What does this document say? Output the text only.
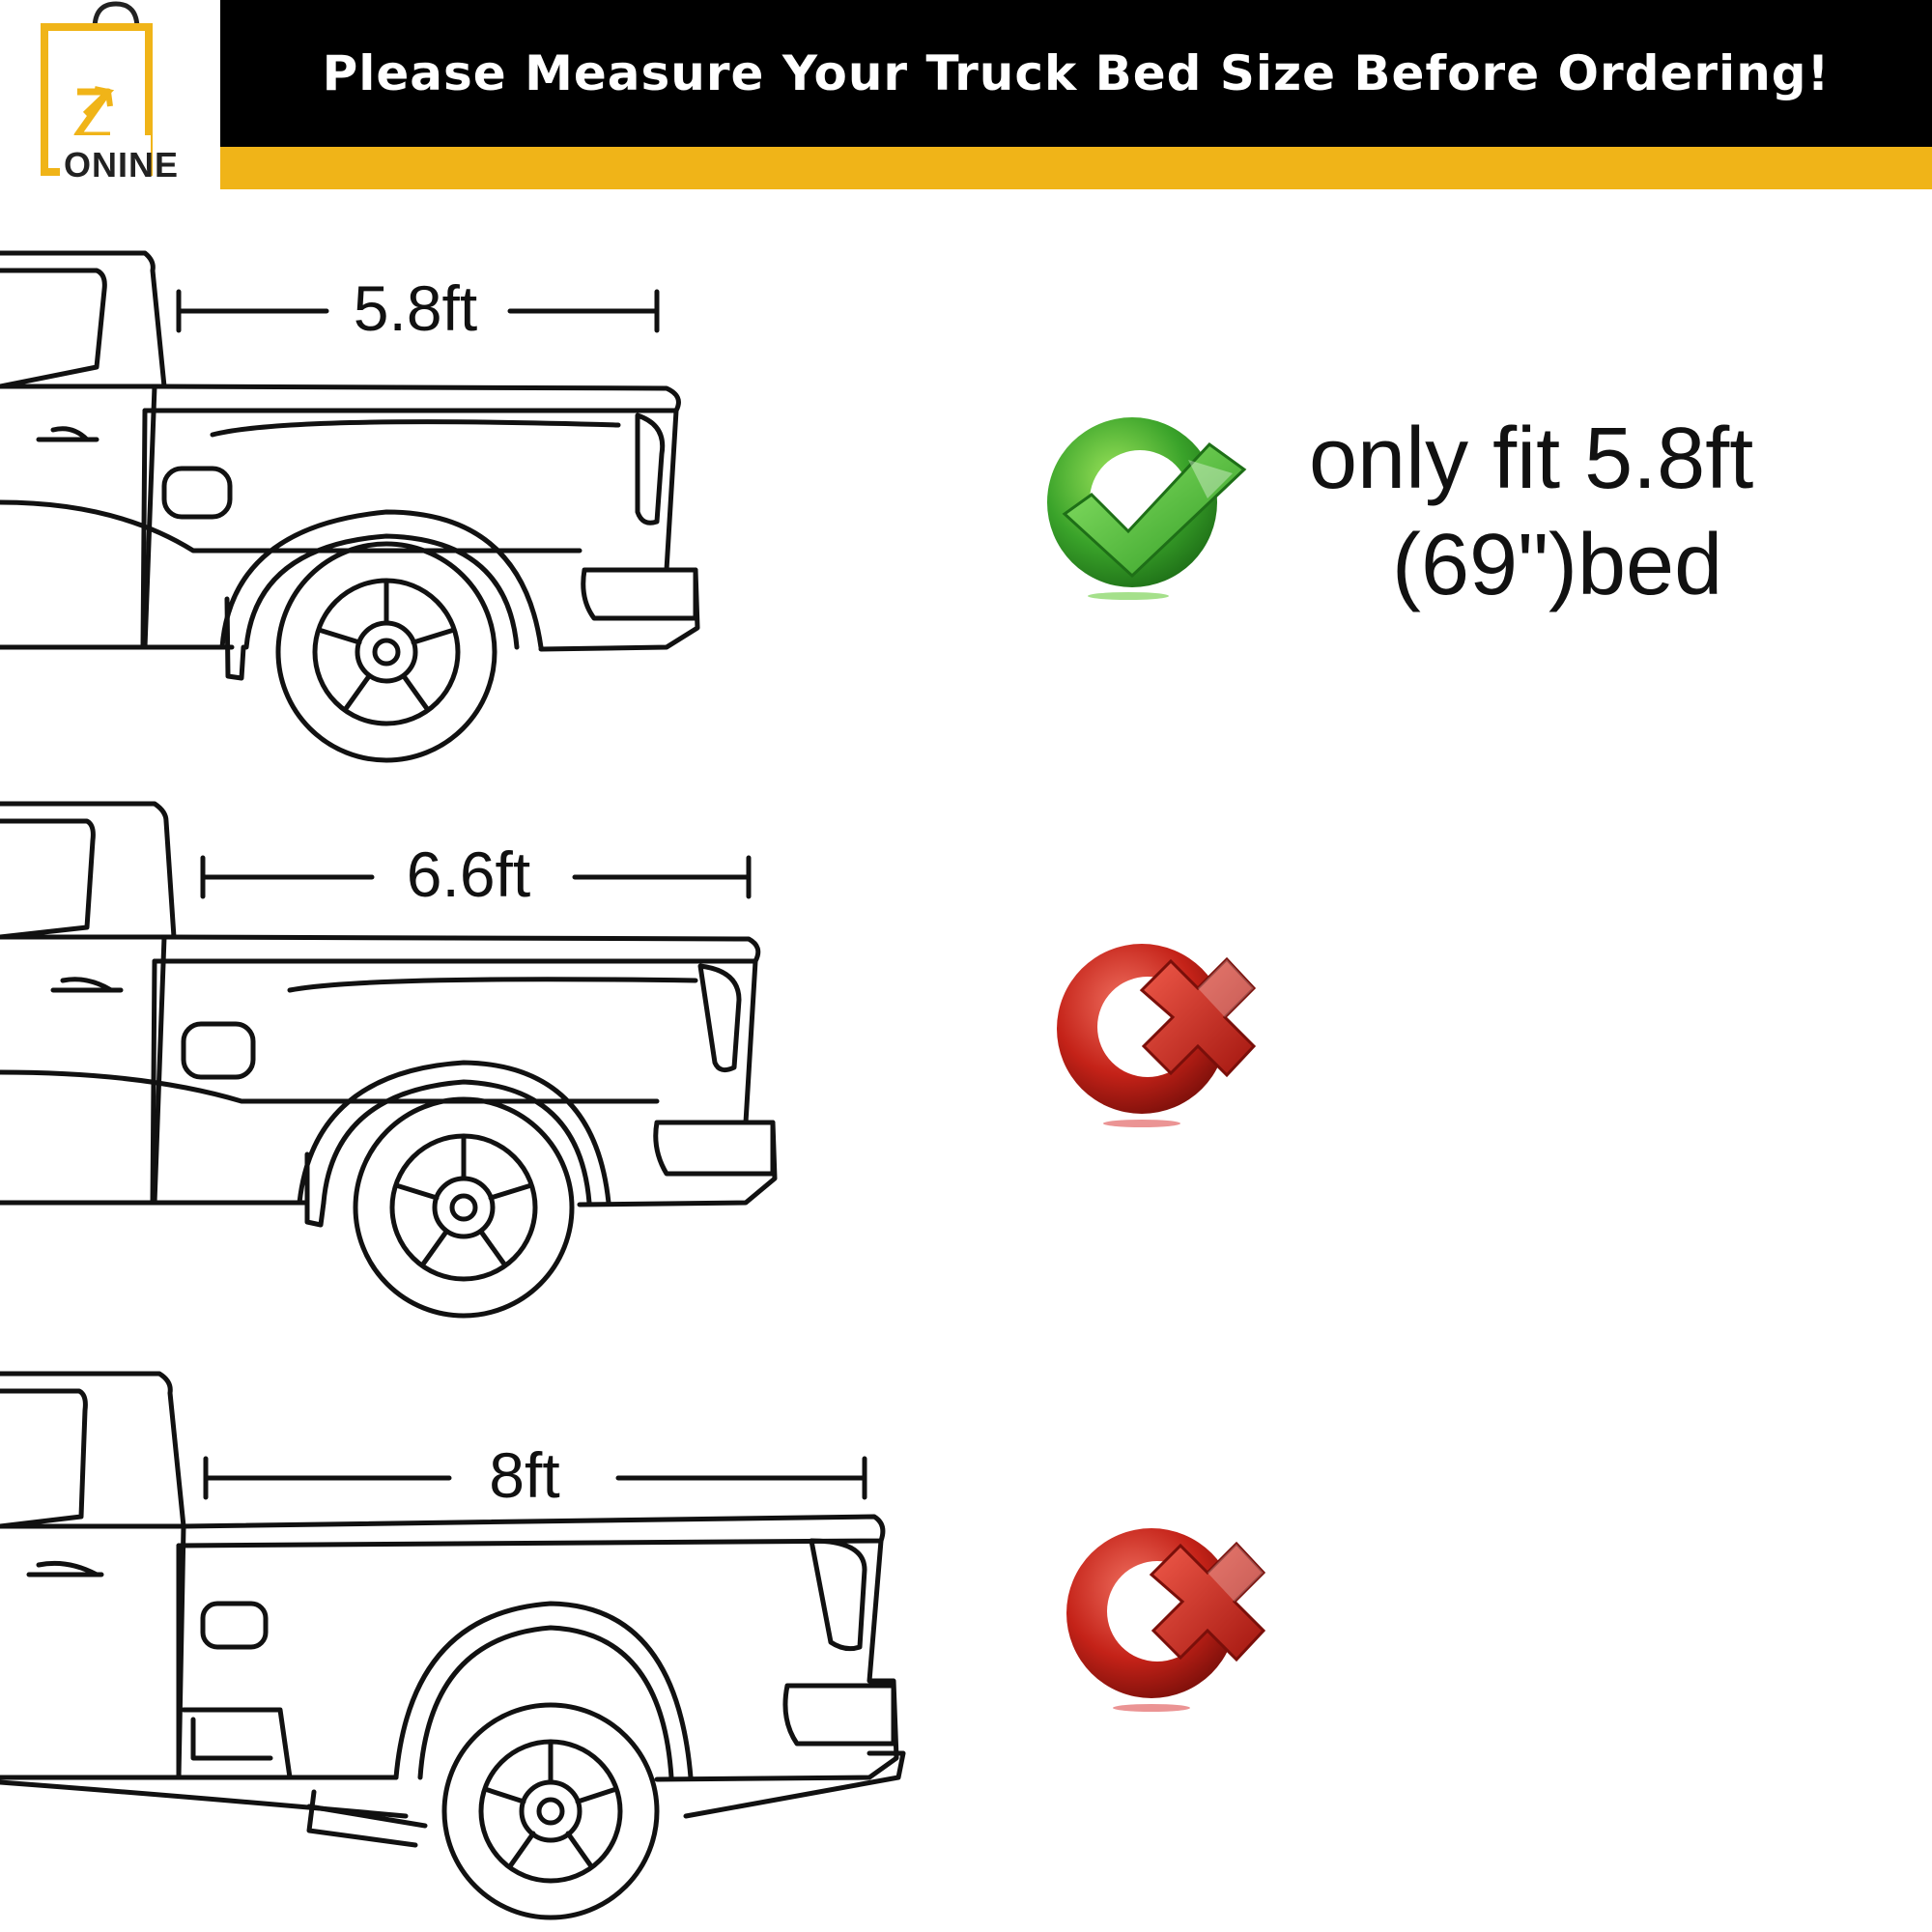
ONINE
Please Measure Your Truck Bed Size Before Ordering!
5.8ft
6.6ft
8ft
only fit 5.8ft
(69")bed
